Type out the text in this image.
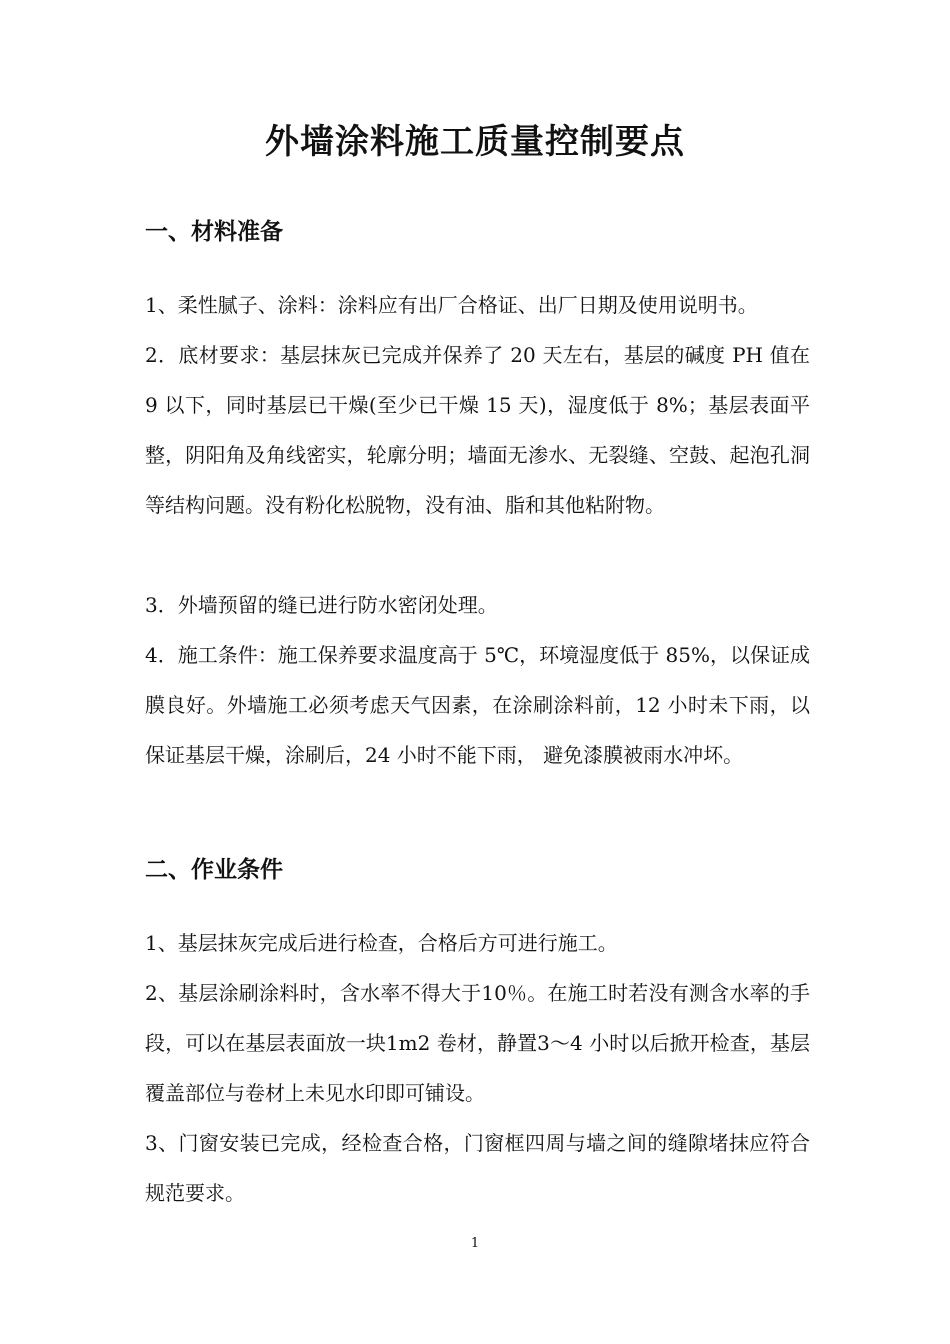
外墙涂料施工质量控制要点
一、材料准备
1、柔性腻子、涂料：涂料应有出厂合格证、出厂日期及使用说明书。
2．底材要求：基层抹灰已完成并保养了 20 天左右，基层的碱度 PH 值在 9 以下，同时基层已干燥(至少已干燥 15 天)，湿度低于 8%；基层表面平整，阴阳角及角线密实，轮廓分明；墙面无渗水、无裂缝、空鼓、起泡孔洞等结构问题。没有粉化松脱物，没有油、脂和其他粘附物。
3．外墙预留的缝已进行防水密闭处理。
4．施工条件：施工保养要求温度高于 5℃，环境湿度低于 85%，以保证成膜良好。外墙施工必须考虑天气因素，在涂刷涂料前，12 小时未下雨，以保证基层干燥，涂刷后，24 小时不能下雨， 避免漆膜被雨水冲坏。
二、作业条件
1、基层抹灰完成后进行检查，合格后方可进行施工。
2、基层涂刷涂料时，含水率不得大于10％。在施工时若没有测含水率的手段，可以在基层表面放一块1m2 卷材，静置3～4 小时以后掀开检查，基层覆盖部位与卷材上未见水印即可铺设。
3、门窗安装已完成，经检查合格，门窗框四周与墙之间的缝隙堵抹应符合规范要求。
1
